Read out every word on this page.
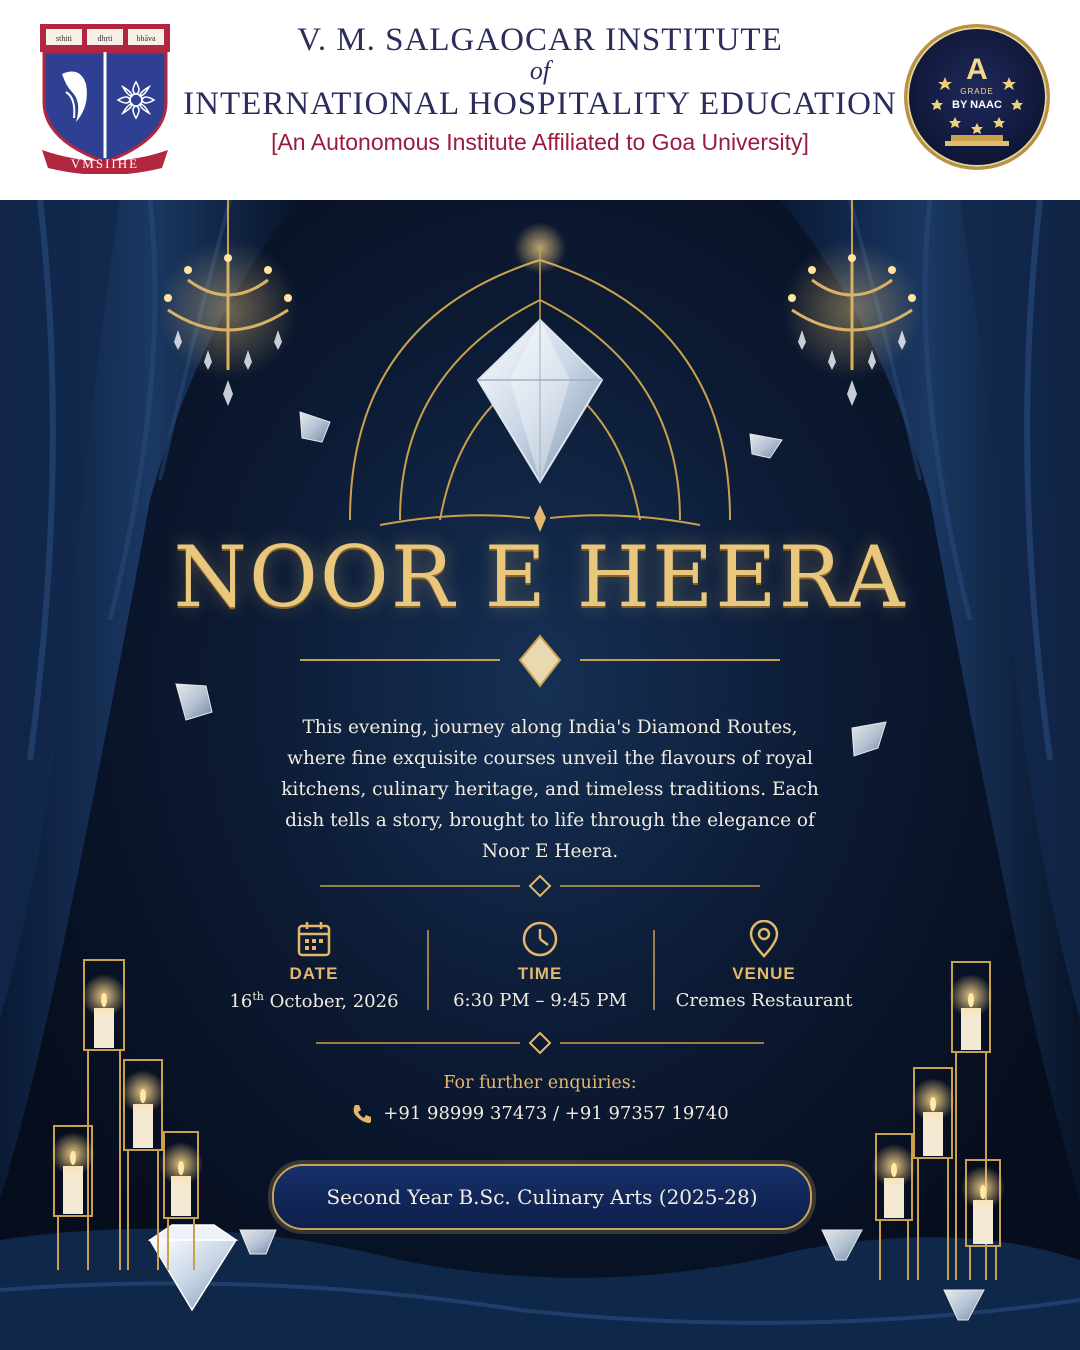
sthiti	dhṛti	bhāva
VMSIIHE
V. M. SALGAOCAR INSTITUTE
of
INTERNATIONAL HOSPITALITY EDUCATION
[An Autonomous Institute Affiliated to Goa University]
A
GRADE
BY NAAC
NOOR E HEERA
This evening, journey along India's Diamond Routes, where fine exquisite courses unveil the flavours of royal kitchens, culinary heritage, and timeless traditions. Each dish tells a story, brought to life through the elegance of Noor E Heera.
DATE
16th October, 2026
TIME
6:30 PM – 9:45 PM
VENUE
Cremes Restaurant
For further enquiries:
+91 98999 37473 / +91 97357 19740
Second Year B.Sc. Culinary Arts (2025-28)
